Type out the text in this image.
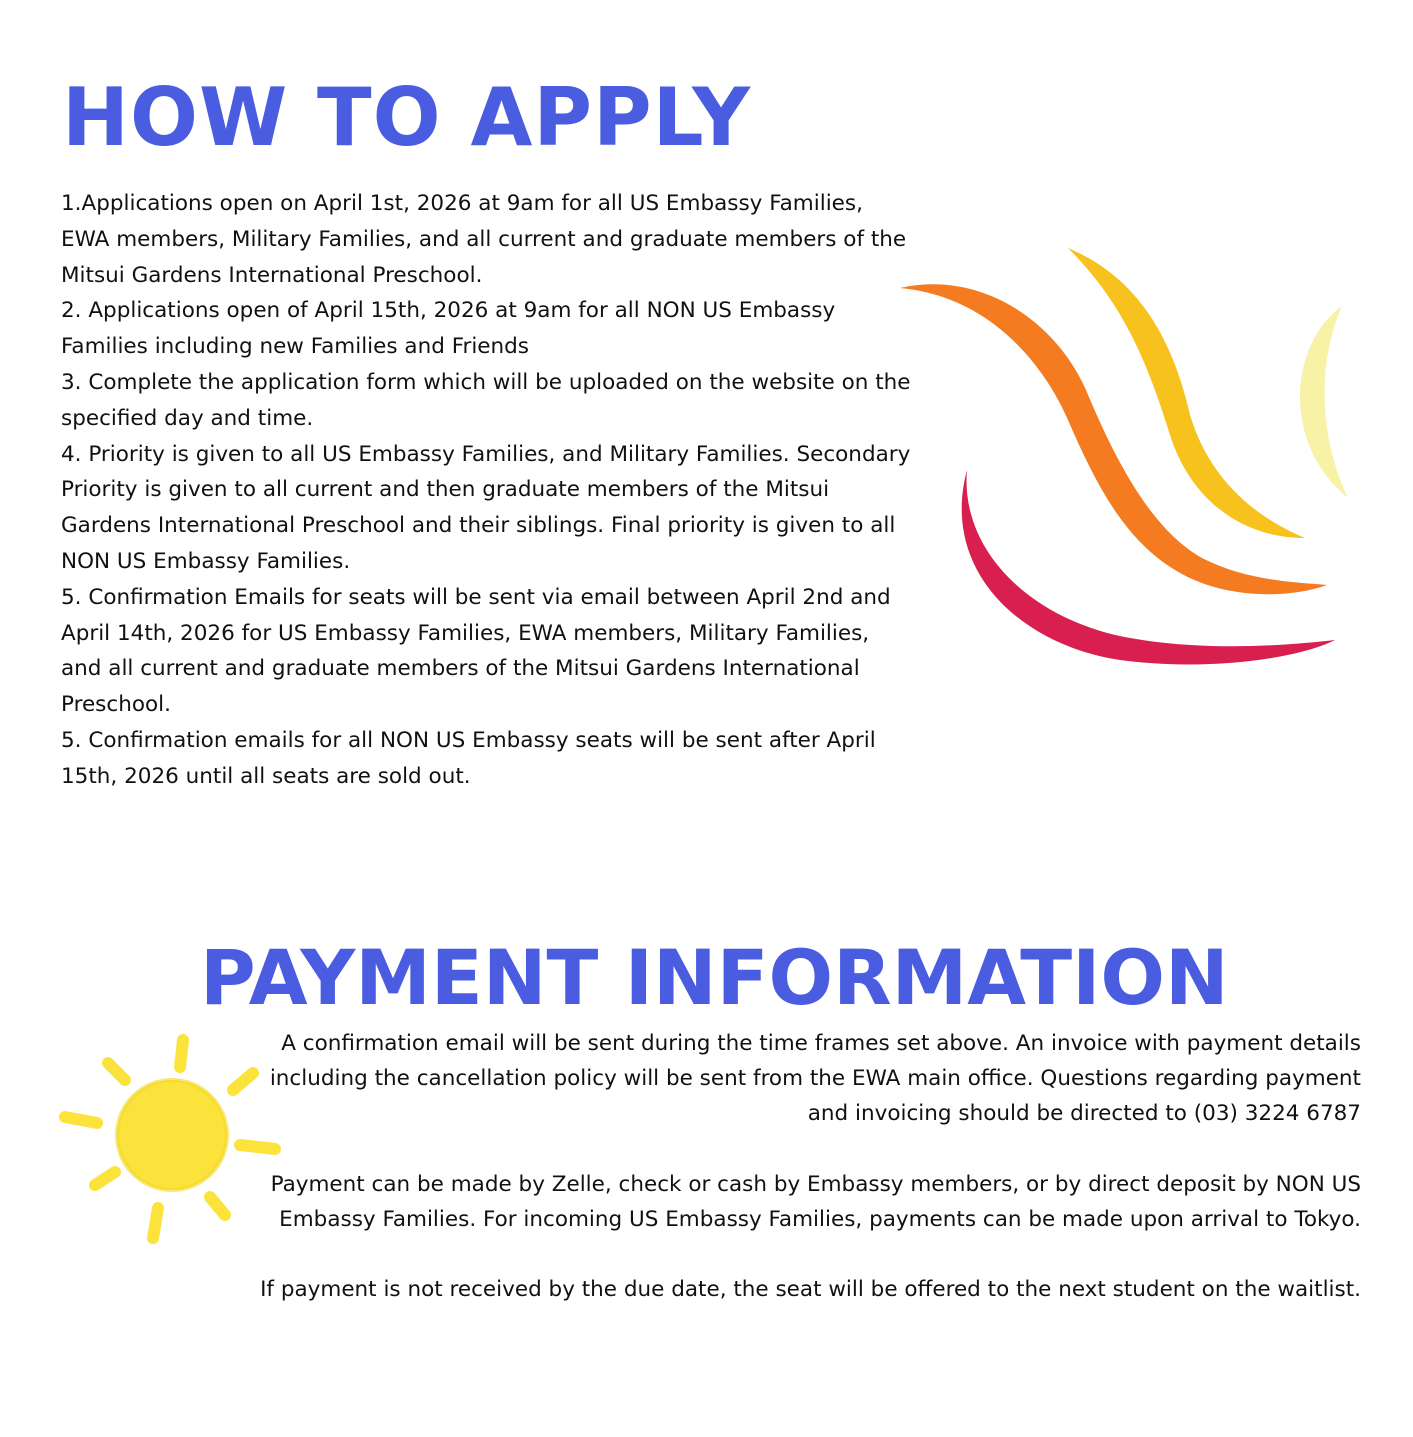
HOW TO APPLY
1.Applications open on April 1st, 2026 at 9am for all US Embassy Families, EWA members, Military Families, and all current and graduate members of the Mitsui Gardens International Preschool.
2. Applications open of April 15th, 2026 at 9am for all NON US Embassy Families including new Families and Friends
3. Complete the application form which will be uploaded on the website on the specified day and time.
4. Priority is given to all US Embassy Families, and Military Families. Secondary Priority is given to all current and then graduate members of the Mitsui Gardens International Preschool and their siblings. Final priority is given to all NON US Embassy Families.
5. Confirmation Emails for seats will be sent via email between April 2nd and April 14th, 2026 for US Embassy Families, EWA members, Military Families, and all current and graduate members of the Mitsui Gardens International Preschool.
5. Confirmation emails for all NON US Embassy seats will be sent after April 15th, 2026 until all seats are sold out.
PAYMENT INFORMATION

A confirmation email will be sent during the time frames set above. An invoice with payment details including the cancellation policy will be sent from the EWA main office. Questions regarding payment and invoicing should be directed to (03) 3224 6787

Payment can be made by Zelle, check or cash by Embassy members, or by direct deposit by NON US Embassy Families. For incoming US Embassy Families, payments can be made upon arrival to Tokyo.

If payment is not received by the due date, the seat will be offered to the next student on the waitlist.
